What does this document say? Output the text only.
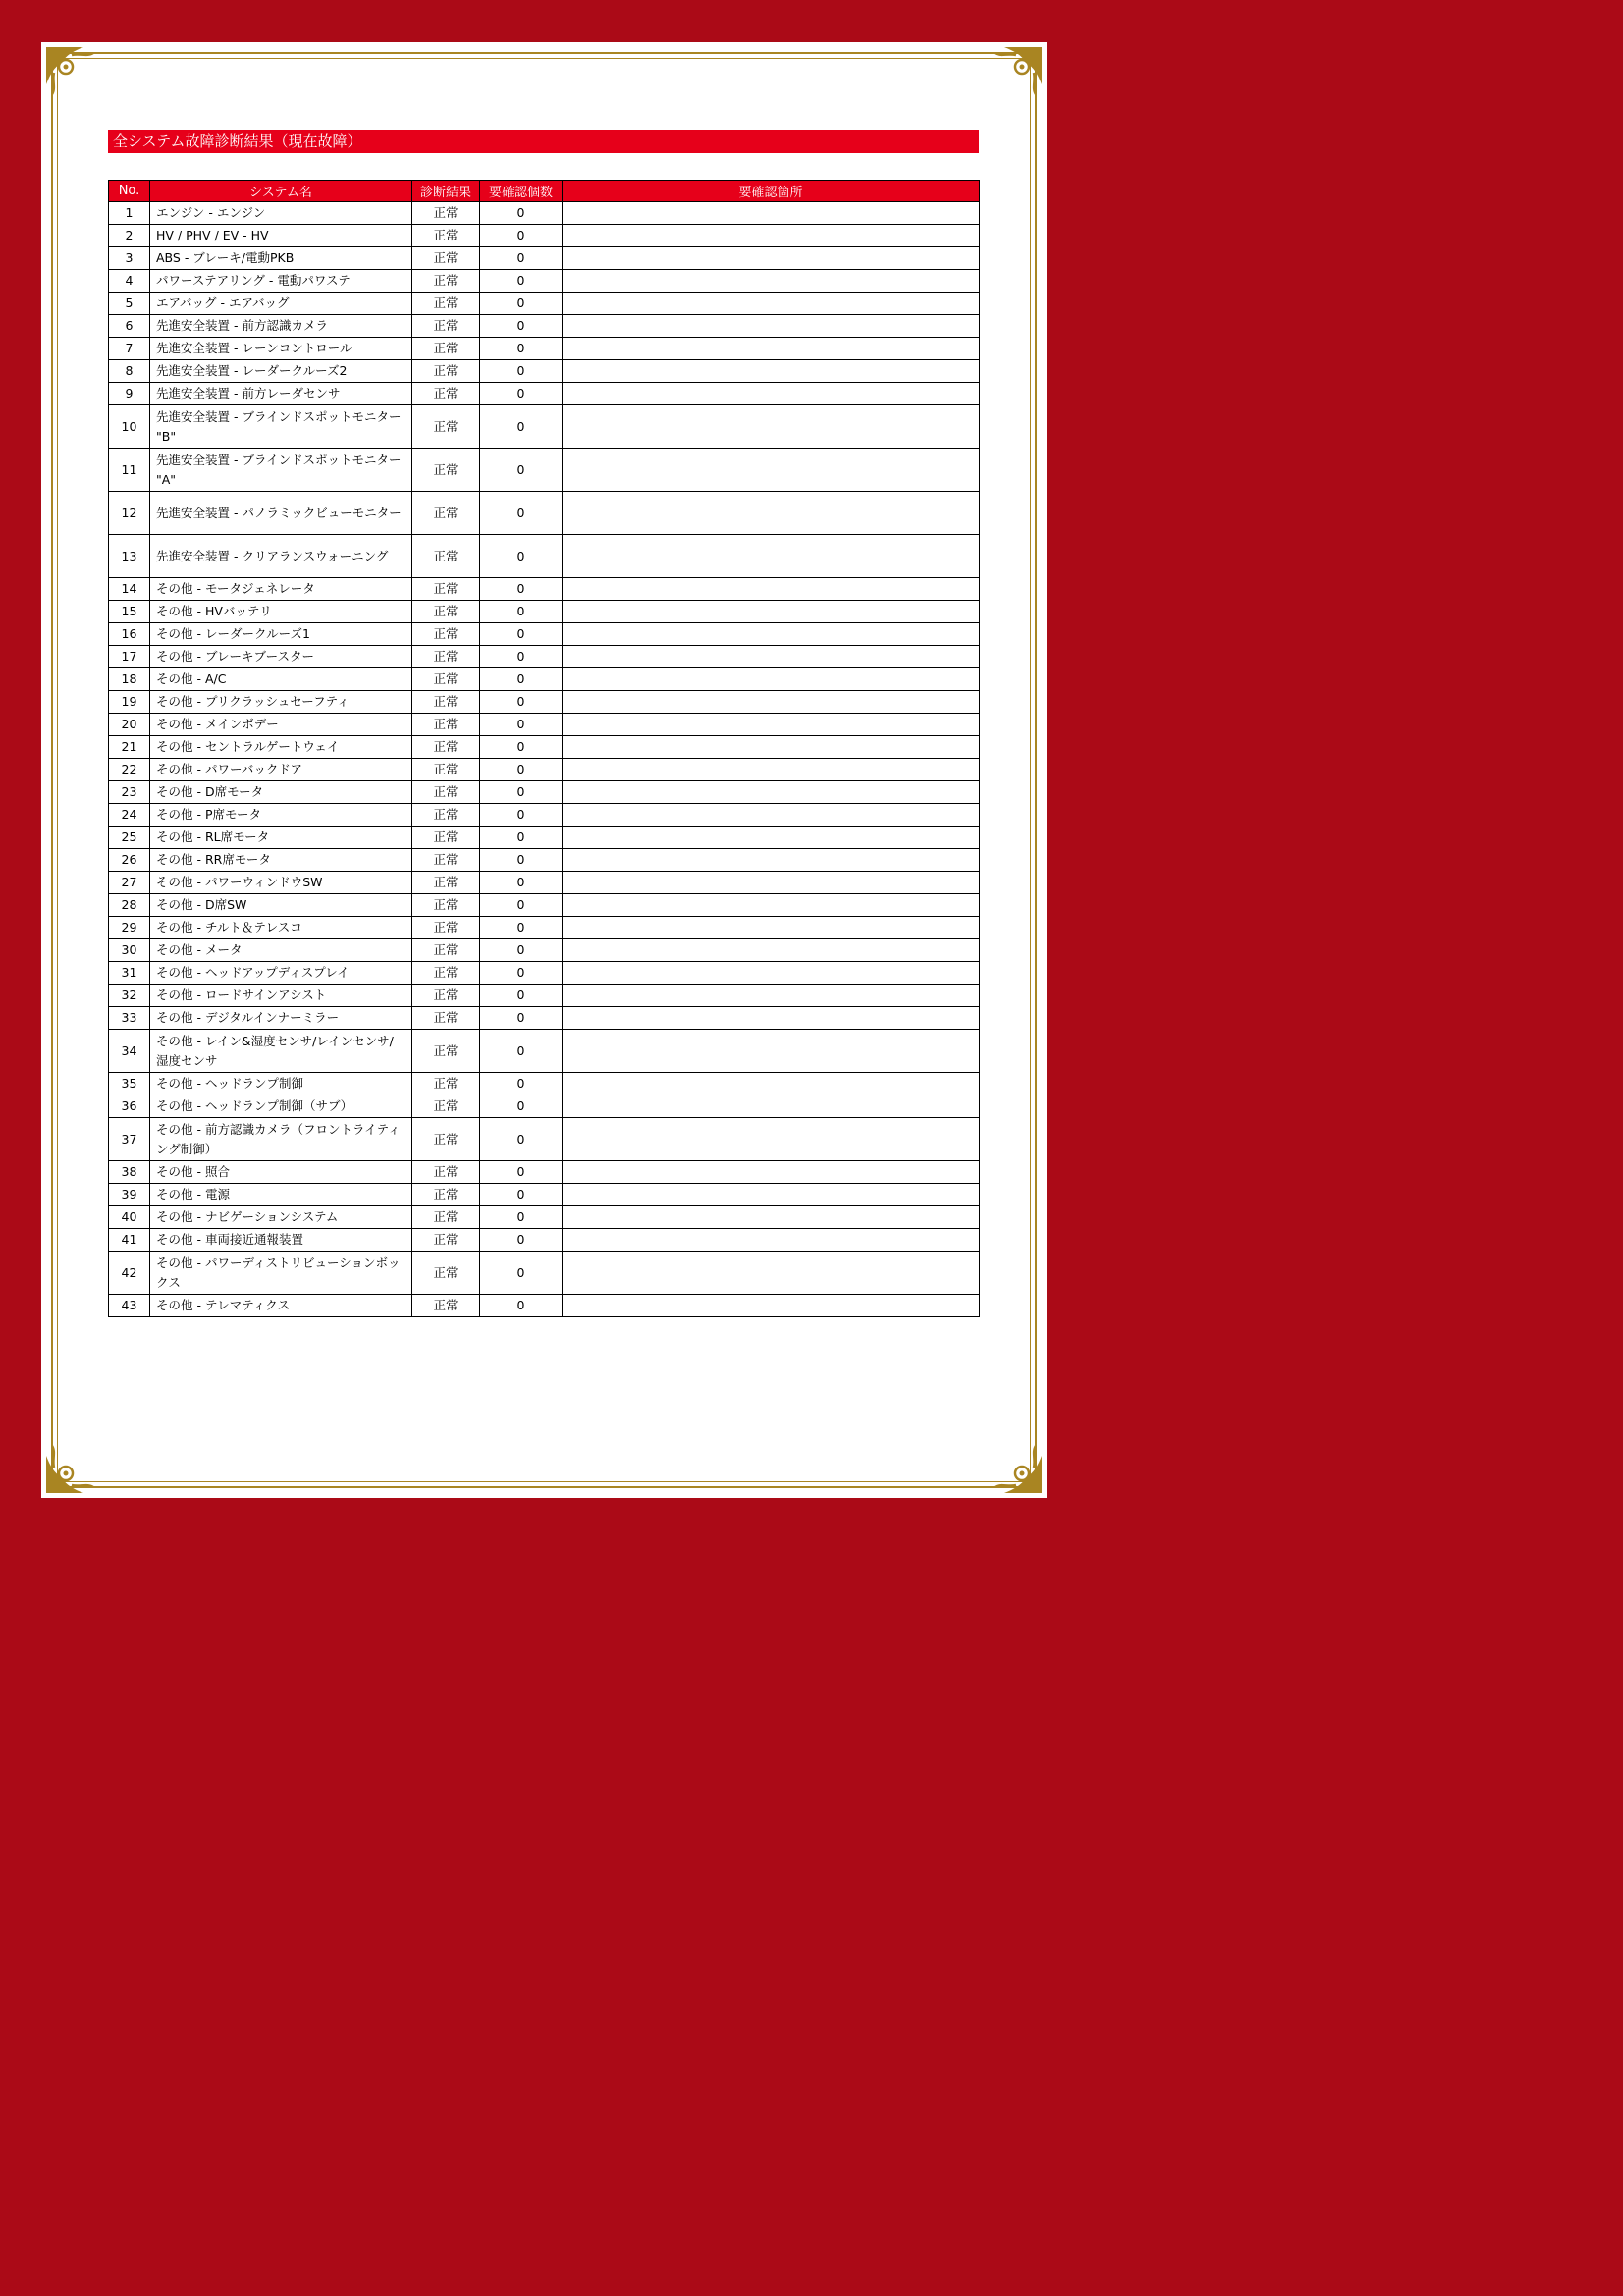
全システム故障診断結果（現在故障）
No.	システム名	診断結果	要確認個数	要確認箇所
1	エンジン - エンジン	正常	0	
2	HV / PHV / EV - HV	正常	0	
3	ABS - ブレーキ/電動PKB	正常	0	
4	パワーステアリング - 電動パワステ	正常	0	
5	エアバッグ - エアバッグ	正常	0	
6	先進安全装置 - 前方認識カメラ	正常	0	
7	先進安全装置 - レーンコントロール	正常	0	
8	先進安全装置 - レーダークルーズ2	正常	0	
9	先進安全装置 - 前方レーダセンサ	正常	0	
10	先進安全装置 - ブラインドスポットモニター "B"	正常	0	
11	先進安全装置 - ブラインドスポットモニター "A"	正常	0	
12	先進安全装置 - パノラミックビューモニター	正常	0	
13	先進安全装置 - クリアランスウォーニング	正常	0	
14	その他 - モータジェネレータ	正常	0	
15	その他 - HVバッテリ	正常	0	
16	その他 - レーダークルーズ1	正常	0	
17	その他 - ブレーキブースター	正常	0	
18	その他 - A/C	正常	0	
19	その他 - プリクラッシュセーフティ	正常	0	
20	その他 - メインボデー	正常	0	
21	その他 - セントラルゲートウェイ	正常	0	
22	その他 - パワーバックドア	正常	0	
23	その他 - D席モータ	正常	0	
24	その他 - P席モータ	正常	0	
25	その他 - RL席モータ	正常	0	
26	その他 - RR席モータ	正常	0	
27	その他 - パワーウィンドウSW	正常	0	
28	その他 - D席SW	正常	0	
29	その他 - チルト＆テレスコ	正常	0	
30	その他 - メータ	正常	0	
31	その他 - ヘッドアップディスプレイ	正常	0	
32	その他 - ロードサインアシスト	正常	0	
33	その他 - デジタルインナーミラー	正常	0	
34	その他 - レイン&湿度センサ/レインセンサ/湿度センサ	正常	0	
35	その他 - ヘッドランプ制御	正常	0	
36	その他 - ヘッドランプ制御（サブ）	正常	0	
37	その他 - 前方認識カメラ（フロントライティング制御）	正常	0	
38	その他 - 照合	正常	0	
39	その他 - 電源	正常	0	
40	その他 - ナビゲーションシステム	正常	0	
41	その他 - 車両接近通報装置	正常	0	
42	その他 - パワーディストリビューションボックス	正常	0	
43	その他 - テレマティクス	正常	0	
